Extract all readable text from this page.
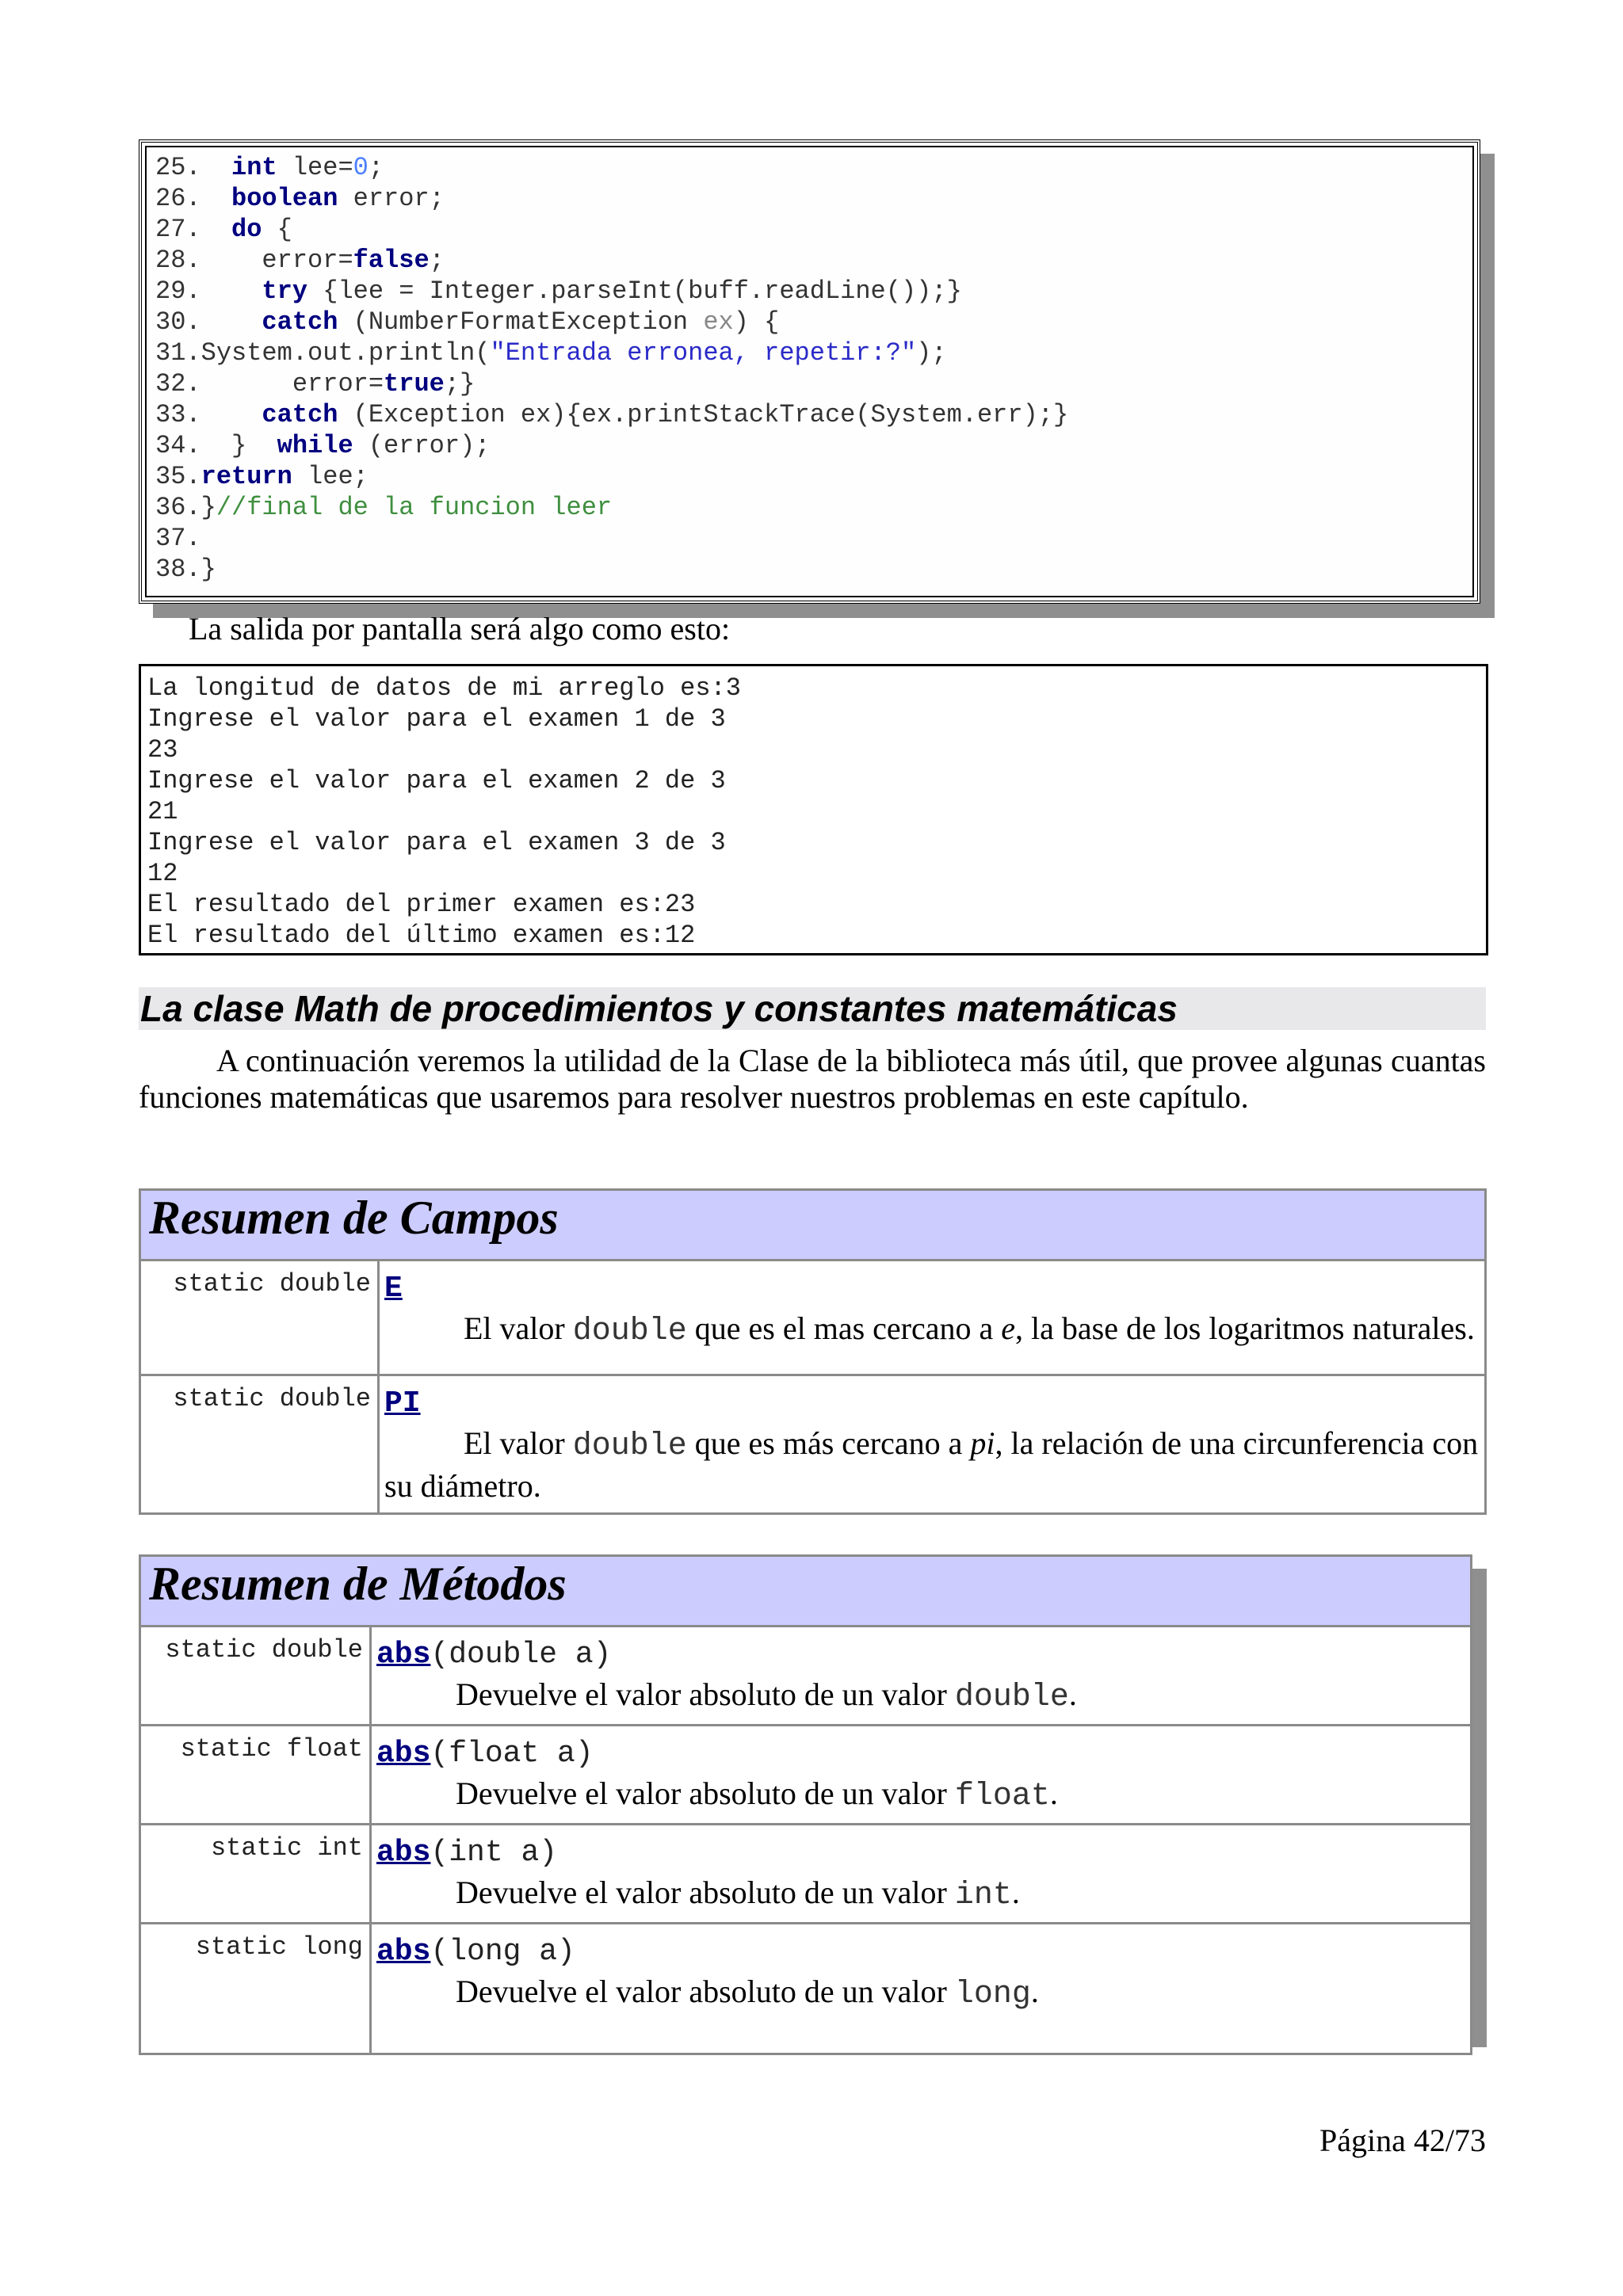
25.  int lee=0;
26.  boolean error;
27.  do {
28.    error=false;
29.    try {lee = Integer.parseInt(buff.readLine());}
30.    catch (NumberFormatException ex) {
31.System.out.println("Entrada erronea, repetir:?");
32.      error=true;}
33.    catch (Exception ex){ex.printStackTrace(System.err);}
34.  }  while (error);
35.return lee;
36.}//final de la funcion leer
37.
38.}
La salida por pantalla será algo como esto:
La longitud de datos de mi arreglo es:3
Ingrese el valor para el examen 1 de 3
23
Ingrese el valor para el examen 2 de 3
21
Ingrese el valor para el examen 3 de 3
12
El resultado del primer examen es:23
El resultado del último examen es:12
La clase Math de procedimientos y constantes matemáticas

A continuación veremos la utilidad de la Clase de la biblioteca más útil, que provee algunas cuantas funciones matemáticas que usaremos para resolver nuestros problemas en este capítulo.

Resumen de Campos	
static double	E
El valor double que es el mas cercano a e, la base de los logaritmos naturales.

static double	PI
El valor double que es más cercano a pi, la relación de una circunferencia con su diámetro.
Resumen de Métodos	
static double	abs(double a)
Devuelve el valor absoluto de un valor double.

static float	abs(float a)
Devuelve el valor absoluto de un valor float.

static int	abs(int a)
Devuelve el valor absoluto de un valor int.

static long	abs(long a)
Devuelve el valor absoluto de un valor long.
Página 42/73
